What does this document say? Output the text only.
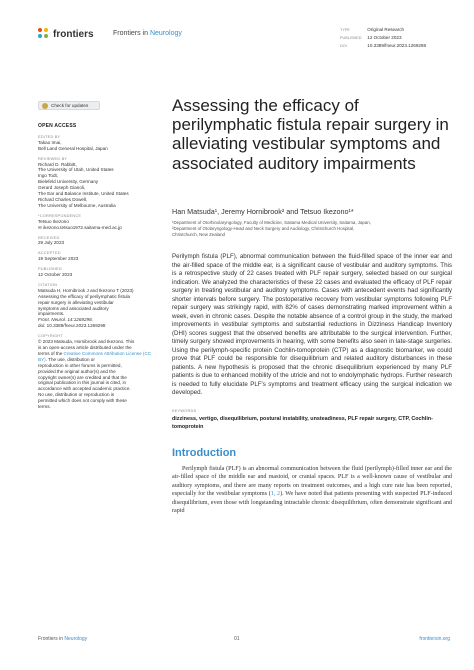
frontiers	Frontiers in Neurology	TYPE	Original Research
PUBLISHED 12 October 2023
DOI	10.3389/fneur.2023.1269298
Check for updates
OPEN ACCESS
EDITED BY
Takao Imai,
Bell Land General Hospital, Japan
REVIEWED BY
Richard D. Rabbitt,
The University of Utah, United States
Ingo Todt,
Bielefeld University, Germany
Gerard Joseph Gianoli,
The Ear and Balance Institute, United States
Richard Charles Dowell,
The University of Melbourne, Australia
*CORRESPONDENCE
Tetsuo Ikezono
✉ ikezono.tetsuo1972.saitama-med.ac.jp
RECEIVED
29 July 2023
ACCEPTED
19 September 2023
PUBLISHED
12 October 2023
CITATION
Matsuda H, Hornibrook J and Ikezono T (2023)
Assessing the efficacy of perilymphatic fistula
repair surgery in alleviating vestibular
symptoms and associated auditory
impairments.
Front. Neurol. 14:1269298.
doi: 10.3389/fneur.2023.1269298
COPYRIGHT
© 2023 Matsuda, Hornibrook and Ikezono. This
is an open-access article distributed under the
terms of the Creative Commons Attribution License (CC BY). The use, distribution or
reproduction in other forums is permitted,
provided the original author(s) and the
copyright owner(s) are credited and that the
original publication in this journal is cited, in
accordance with accepted academic practice.
No use, distribution or reproduction is
permitted which does not comply with these
terms.
Assessing the efficacy of perilymphatic fistula repair surgery in alleviating vestibular symptoms and associated auditory impairments
Han Matsuda¹, Jeremy Hornibrook² and Tetsuo Ikezono¹*
¹Department of Otorhinolaryngology, Faculty of Medicine, Saitama Medical University, Saitama, Japan,
²Department of Otolaryngology-Head and Neck Surgery and Audiology, Christchurch Hospital,
Christchurch, New Zealand

Perilymph fistula (PLF), abnormal communication between the fluid-filled space of the inner ear and the air-filled space of the middle ear, is a significant cause of vestibular and auditory symptoms. This is a retrospective study of 22 cases treated with PLF repair surgery, selected based on our surgical indication. We analyzed the characteristics of these 22 cases and evaluated the efficacy of PLF repair surgery in treating vestibular and auditory symptoms. Cases with antecedent events had significantly shorter intervals before surgery. The postoperative recovery from vestibular symptoms following PLF repair surgery was strikingly rapid, with 82% of cases demonstrating marked improvement within a week, even in chronic cases. Despite the notable absence of a control group in the study, the marked improvements in vestibular symptoms and substantial reductions in Dizziness Handicap Inventory (DHI) scores suggest that the observed benefits are attributable to the surgical intervention. Further, timely surgery showed improvements in hearing, with some benefits also seen in late-stage surgeries. Using the perilymph-specific protein Cochlin-tomoprotein (CTP) as a diagnostic biomarker, we could prove that PLF could be responsible for disequilibrium and related auditory disturbances in these patients. A new hypothesis is proposed that the chronic disequilibrium experienced by many PLF patients is due to enhanced mobility of the utricle and not to endolymphatic hydrops. Further research is needed to fully elucidate PLF's symptoms and treatment efficacy using the surgical indication we developed.

KEYWORDS
dizziness, vertigo, disequilibrium, postural instability, unsteadiness, PLF repair surgery, CTP, Cochlin-tomoprotein
Introduction

Perilymph fistula (PLF) is an abnormal communication between the fluid (perilymph)-filled inner ear and the air-filled space of the middle ear and mastoid, or cranial spaces. PLF is a well-known cause of vestibular and auditory symptoms, and there are many reports on treatment outcomes, and a high cure rate has been reported, especially for the vestibular symptoms (1, 2). We have noted that patients presenting with suspected PLF-induced disequilibrium, even those with longstanding intractable chronic disequilibrium, often demonstrate significant and rapid

Frontiers in Neurology	01	frontiersin.org
